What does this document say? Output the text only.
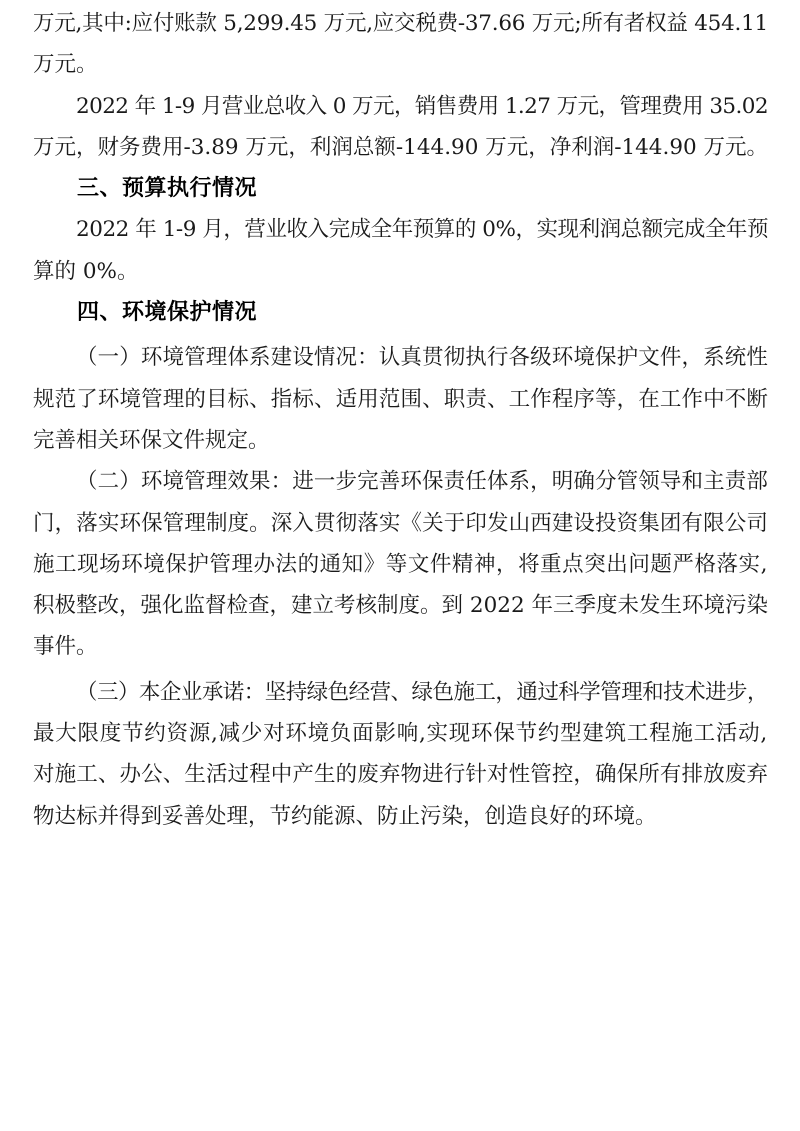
万元,其中:应付账款 5,299.45 万元,应交税费-37.66 万元;所有者权益 454.11
万元。
2022 年 1-9 月营业总收入 0 万元，销售费用 1.27 万元，管理费用 35.02
万元，财务费用-3.89 万元，利润总额-144.90 万元，净利润-144.90 万元。
三、预算执行情况
2022 年 1-9 月，营业收入完成全年预算的 0%，实现利润总额完成全年预
算的 0%。
四、环境保护情况
（一）环境管理体系建设情况：认真贯彻执行各级环境保护文件，系统性
规范了环境管理的目标、指标、适用范围、职责、工作程序等，在工作中不断
完善相关环保文件规定。
（二）环境管理效果：进一步完善环保责任体系，明确分管领导和主责部
门，落实环保管理制度。深入贯彻落实《关于印发山西建设投资集团有限公司
施工现场环境保护管理办法的通知》等文件精神，将重点突出问题严格落实,
积极整改，强化监督检查，建立考核制度。到 2022 年三季度未发生环境污染
事件。
（三）本企业承诺：坚持绿色经营、绿色施工，通过科学管理和技术进步，
最大限度节约资源,减少对环境负面影响,实现环保节约型建筑工程施工活动,
对施工、办公、生活过程中产生的废弃物进行针对性管控，确保所有排放废弃
物达标并得到妥善处理，节约能源、防止污染，创造良好的环境。
